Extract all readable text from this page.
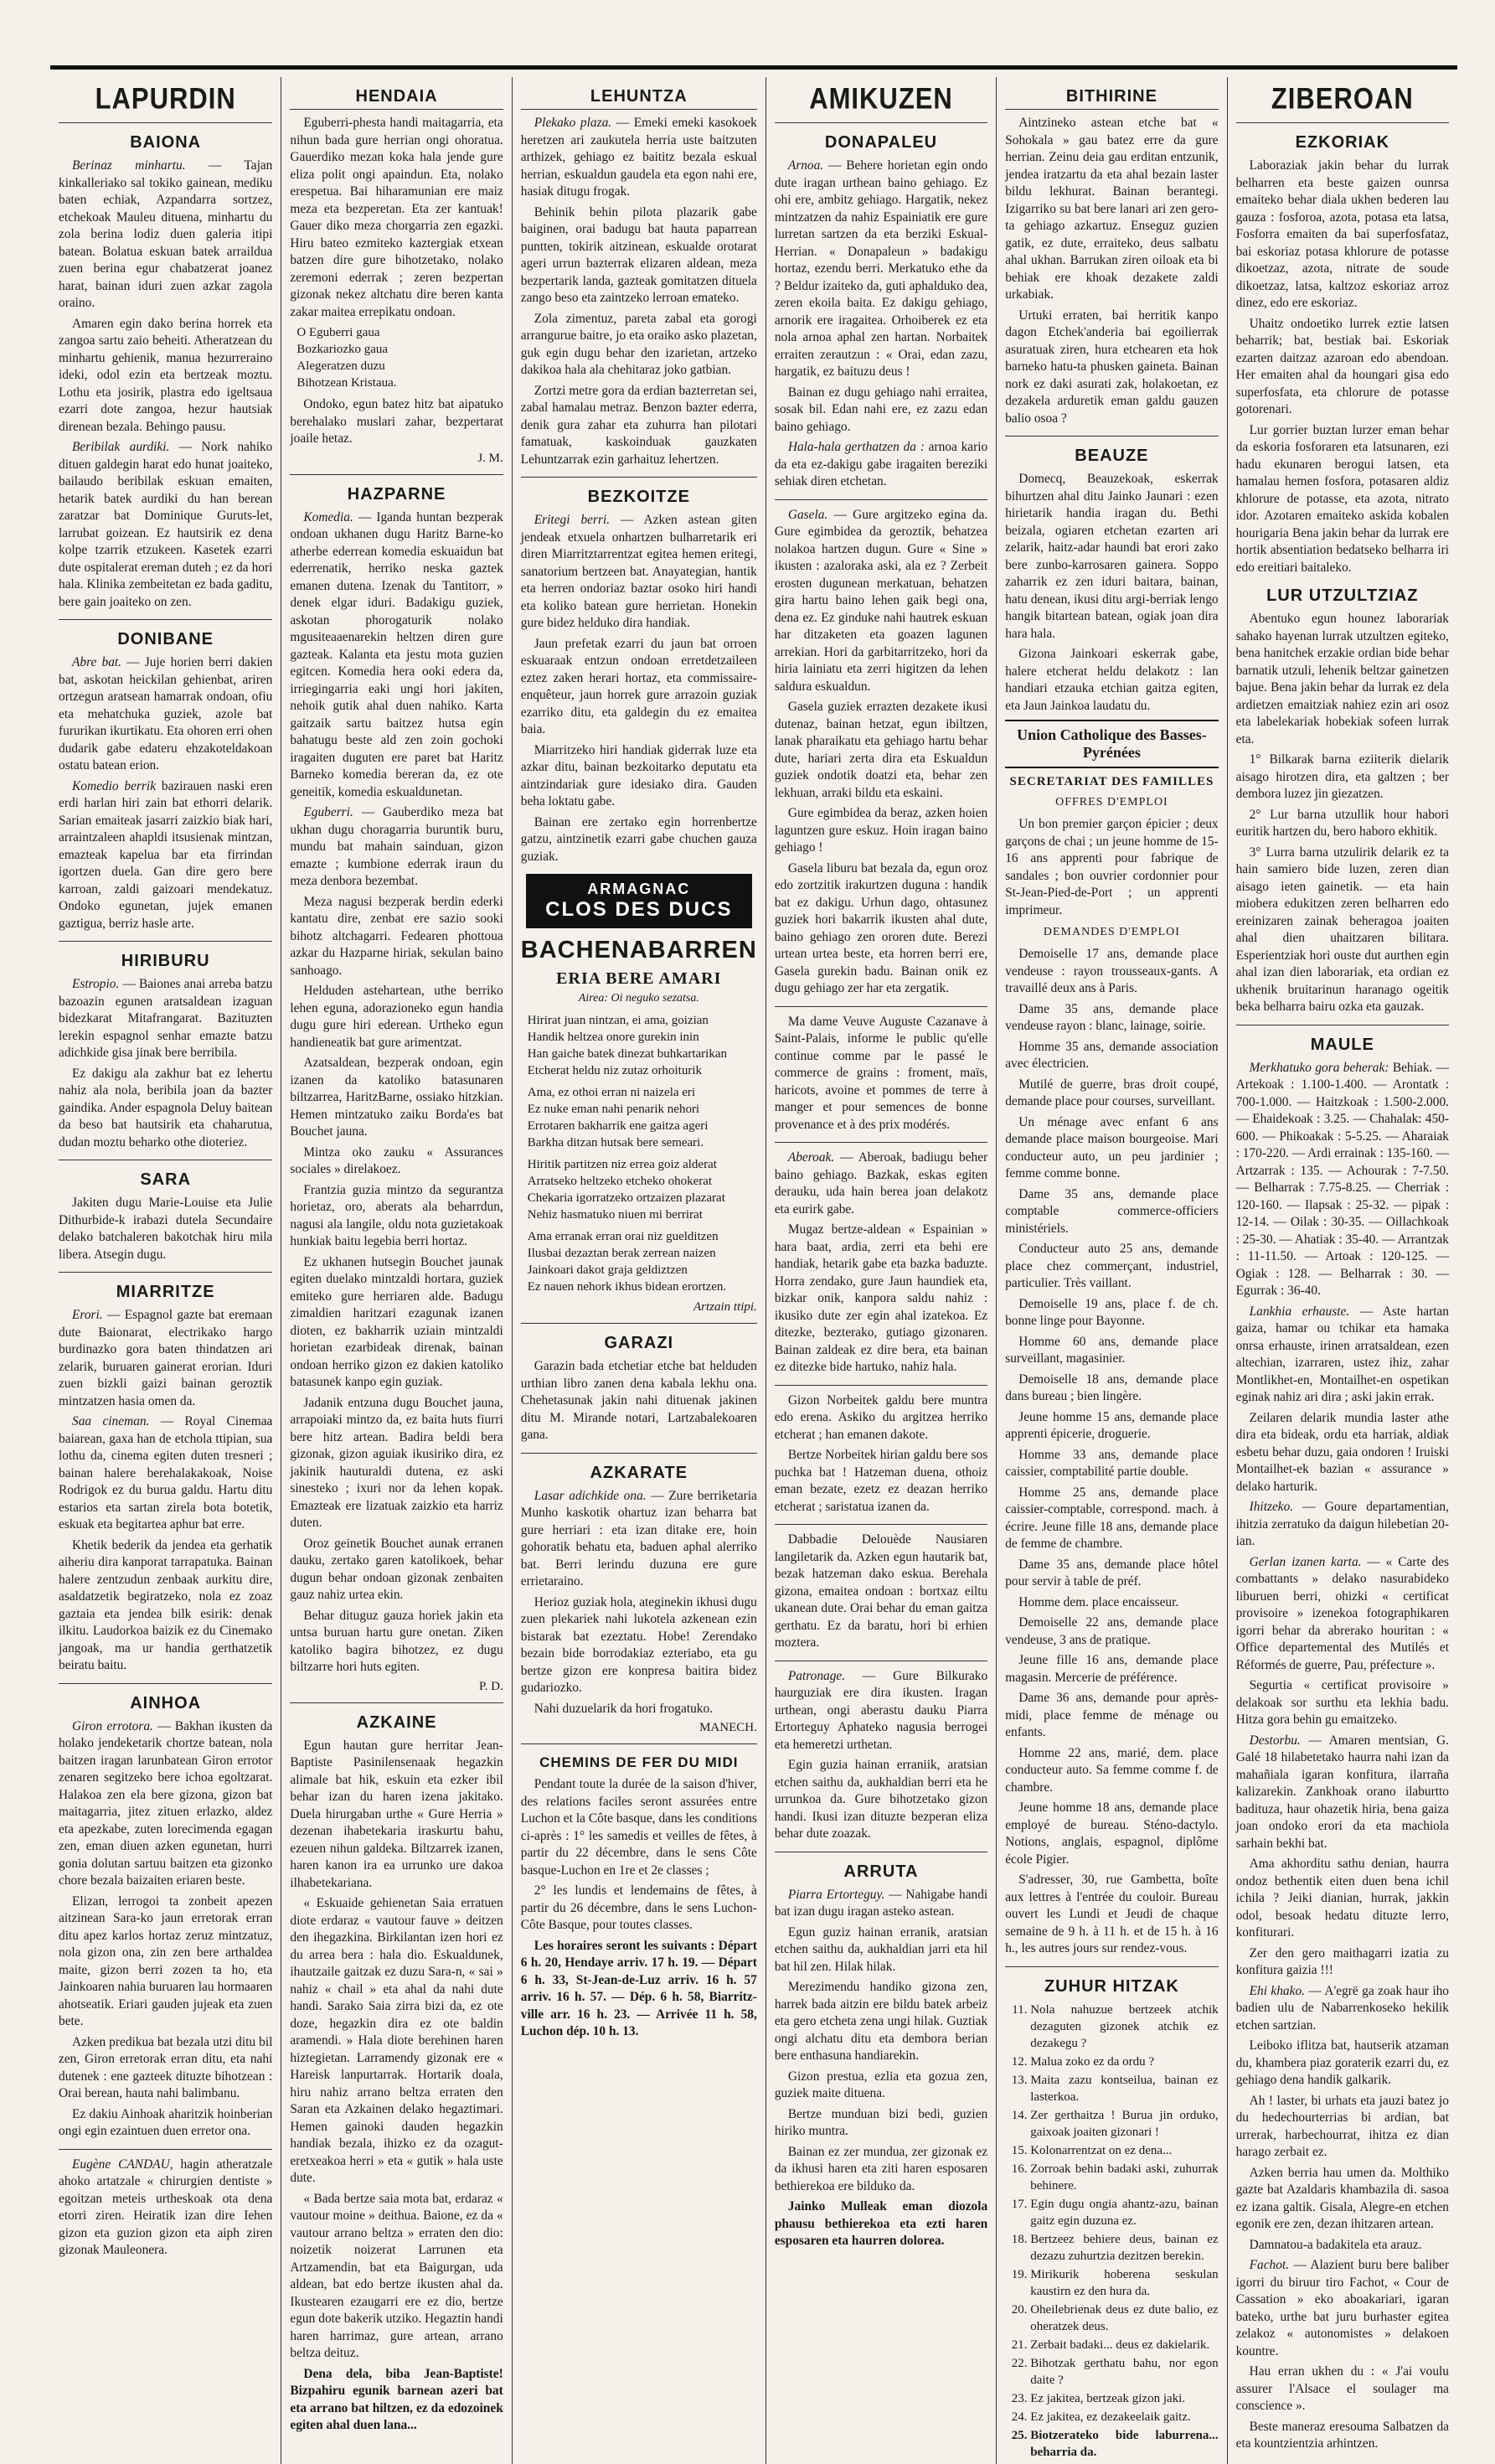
LAPURDIN
BAIONA

Berinaz minhartu. — Tajan kinkalleriako sal tokiko gainean, mediku baten echiak, Azpandarra sortzez, etchekoak Mauleu dituena, minhartu du zola berina lodiz duen galeria itipi batean. Bolatua eskuan batek arraildua zuen berina egur chabatzerat joanez harat, bainan iduri zuen azkar zagola oraino.

Amaren egin dako berina horrek eta zangoa sartu zaio beheiti. Atheratzean du minhartu gehienik, manua hezurreraino ideki, odol ezin eta bertzeak moztu. Lothu eta josirik, plastra edo igeltsaua ezarri dote zangoa, hezur hautsiak direnean bezala. Behingo pausu.

Beribilak aurdiki. — Nork nahiko dituen galdegin harat edo hunat joaiteko, bailaudo beribilak eskuan emaiten, hetarik batek aurdiki du han berean zaratzar bat Dominique Guruts-let, larrubat goizean. Ez hautsirik ez dena kolpe tzarrik etzukeen. Kasetek ezarri dute ospitalerat ereman duteh ; ez da hori hala. Klinika zembeitetan ez bada gaditu, bere gain joaiteko on zen.

DONIBANE

Abre bat. — Juje horien berri dakien bat, askotan heickilan gehienbat, ariren ortzegun aratsean hamarrak ondoan, ofiu eta mehatchuka guziek, azole bat fururikan ikurtikatu. Eta ohoren erri ohen dudarik gabe edateru ehzakoteldakoan ostatu batean erion.

Komedio berrik bazirauen naski eren erdi harlan hiri zain bat ethorri delarik. Sarian emaiteak jasarri zaizkio biak hari, arraintzaleen ahapldi itsusienak mintzan, emazteak kapelua bar eta firrindan igortzen duela. Gan dire gero bere karroan, zaldi gaizoari mendekatuz. Ondoko egunetan, jujek emanen gaztigua, berriz hasle arte.

HIRIBURU

Estropio. — Baiones anai arreba batzu bazoazin egunen aratsaldean izaguan bidezkarat Mitafrangarat. Bazituzten lerekin espagnol senhar emazte batzu adichkide gisa jinak bere berribila.

Ez dakigu ala zakhur bat ez lehertu nahiz ala nola, beribila joan da bazter gaindika. Ander espagnola Deluy baitean da beso bat hautsirik eta chaharutua, dudan moztu beharko othe dioteriez.

SARA

Jakiten dugu Marie-Louise eta Julie Dithurbide-k irabazi dutela Secundaire delako batchaleren bakotchak hiru mila libera. Atsegin dugu.

MIARRITZE

Erori. — Espagnol gazte bat eremaan dute Baionarat, electrikako hargo burdinazko gora baten thindatzen ari zelarik, buruaren gainerat erorian. Iduri zuen bizkli gaizi bainan geroztik mintzatzen hasia omen da.

Saa cineman. — Royal Cinemaa baiarean, gaxa han de etchola ttipian, sua lothu da, cinema egiten duten tresneri ; bainan halere berehalakakoak, Noise Rodrigok ez du burua galdu. Hartu ditu estarios eta sartan zirela bota botetik, eskuak eta begitartea aphur bat erre.

Khetik bederik da jendea eta gerhatik aiheriu dira kanporat tarrapatuka. Bainan halere zentzudun zenbaak aurkitu dire, asaldatzetik begiratzeko, nola ez zoaz gaztaia eta jendea bilk esirik: denak ilkitu. Laudorkoa baizik ez du Cinemako jangoak, ma ur handia gerthatzetik beiratu baitu.

AINHOA

Giron errotora. — Bakhan ikusten da holako jendeketarik chortze batean, nola baitzen iragan larunbatean Giron errotor zenaren segitzeko bere ichoa egoltzarat. Halakoa zen ela bere gizona, gizon bat maitagarria, jitez zituen erlazko, aldez eta apezkabe, zuten lorecimenda egagan zen, eman diuen azken egunetan, hurri gonia dolutan sartuu baitzen eta gizonko chore bezala baizaiten eriaren beste.

Elizan, lerrogoi ta zonbeit apezen aitzinean Sara-ko jaun erretorak erran ditu apez karlos hortaz zeruz mintzatuz, nola gizon ona, zin zen bere arthaldea maite, gizon berri zozen ta ho, eta Jainkoaren nahia buruaren lau hormaaren ahotseatik. Eriari gauden jujeak eta zuen bete.

Azken predikua bat bezala utzi ditu bil zen, Giron erretorak erran ditu, eta nahi dutenek : ene gazteek dituzte bihotzean : Orai berean, hauta nahi balimbanu.

Ez dakiu Ainhoak aharitzik hoinberian ongi egin ezaintuen duen erretor ona.

Eugène CANDAU, hagin atheratzale ahoko artatzale « chirurgien dentiste » egoitzan meteis urtheskoak ota dena etorri ziren. Heiratik izan dire Iehen gizon eta guzion gizon eta aiph ziren gizonak Mauleonera.

HENDAIA

Eguberri-phesta handi maitagarria, eta nihun bada gure herrian ongi ohoratua. Gauerdiko mezan koka hala jende gure eliza polit ongi apaindun. Eta, nolako erespetua. Bai hiharamunian ere maiz meza eta bezperetan. Eta zer kantuak! Gauer diko meza chorgarria zen egazki. Hiru bateo ezmiteko kaztergiak etxean batzen dire gure bihotzetako, nolako zeremoni ederrak ; zeren bezpertan gizonak nekez altchatu dire beren kanta zakar maitea errepikatu ondoan.

O Eguberri gaua
Bozkariozko gaua
Alegeratzen duzu
Bihotzean Kristaua.

Ondoko, egun batez hitz bat aipatuko berehalako muslari zahar, bezpertarat joaile hetaz.

J. M.
HAZPARNE

Komedia. — Iganda huntan bezperak ondoan ukhanen dugu Haritz Barne-ko atherbe ederrean komedia eskuaidun bat ederrenatik, herriko neska gaztek emanen dutena. Izenak du Tantitorr, » denek elgar iduri. Badakigu guziek, askotan phorogaturik nolako mgusiteaaenarekin heltzen diren gure gazteak. Kalanta eta jestu mota guzien egitcen. Komedia hera ooki edera da, irriegingarria eaki ungi hori jakiten, nehoik gutik ahal duen nahiko. Karta gaitzaik sartu baitzez hutsa egin bahatugu beste ald zen zoin gochoki iragaiten duguten ere paret bat Haritz Barneko komedia bereran da, ez ote geneitik, komedia eskualdunetan.

Eguberri. — Gauberdiko meza bat ukhan dugu choragarria buruntik buru, mundu bat mahain sainduan, gizon emazte ; kumbione ederrak iraun du meza denbora bezembat.

Meza nagusi bezperak berdin ederki kantatu dire, zenbat ere sazio sooki bihotz altchagarri. Fedearen phottoua azkar du Hazparne hiriak, sekulan baino sanhoago.

Helduden astehartean, uthe berriko lehen eguna, adorazioneko egun handia dugu gure hiri ederean. Urtheko egun handieneatik bat gure arimentzat.

Azatsaldean, bezperak ondoan, egin izanen da katoliko batasunaren biltzarrea, HaritzBarne, ossiako hitzkian. Hemen mintzatuko zaiku Borda'es bat Bouchet jauna.

Mintza oko zauku « Assurances sociales » direlakoez.

Frantzia guzia mintzo da segurantza horietaz, oro, aberats ala beharrdun, nagusi ala langile, oldu nota guzietakoak hunkiak baitu legebia berri hortaz.

Ez ukhanen hutsegin Bouchet jaunak egiten duelako mintzaldi hortara, guziek emiteko gure herriaren alde. Badugu zimaldien haritzari ezagunak izanen dioten, ez bakharrik uziain mintzaldi horietan ezarbideak direnak, bainan ondoan herriko gizon ez dakien katoliko batasunek kanpo egin guziak.

Jadanik entzuna dugu Bouchet jauna, arrapoiaki mintzo da, ez baita huts fiurri bere hitz artean. Badira beldi bera gizonak, gizon aguiak ikusiriko dira, ez jakinik hauturaldi dutena, ez aski sinesteko ; ixuri nor da lehen kopak. Emazteak ere lizatuak zaizkio eta harriz duten.

Oroz geinetik Bouchet aunak erranen dauku, zertako garen katolikoek, behar dugun behar ondoan gizonak zenbaiten gauz nahiz urtea ekin.

Behar dituguz gauza horiek jakin eta untsa buruan hartu gure onetan. Ziken katoliko bagira bihotzez, ez dugu biltzarre hori huts egiten.

P. D.
AZKAINE

Egun hautan gure herritar Jean-Baptiste Pasinilensenaak hegazkin alimale bat hik, eskuin eta ezker ibil behar izan du haren izena jakitako. Duela hirurgaban urthe « Gure Herria » dezenan ihabetekaria iraskurtu bahu, ezeuen nihun galdeka. Biltzarrek izanen, haren kanon ira ea urrunko ure dakoa ilhabetekariana.

« Eskuaide gehienetan Saia erratuen diote erdaraz « vautour fauve » deitzen den ihegazkina. Birkilantan izen hori ez du arrea bera : hala dio. Eskualdunek, ihautzaile gaitzak ez duzu Sara-n, « sai » nahiz « chail » eta ahal da nahi dute handi. Sarako Saia zirra bizi da, ez ote doze, hegazkin dira ez ote baldin aramendi. » Hala diote berehinen haren hiztegietan. Larramendy gizonak ere « Hareisk lanpurtarrak. Hortarik doala, hiru nahiz arrano beltza erraten den Saran eta Azkainen delako hegaztimari. Hemen gainoki dauden hegazkin handiak bezala, ihizko ez da ozagut-eretxeakoa herri » eta « gutik » hala uste dute.

« Bada bertze saia mota bat, erdaraz « vautour moine » deithua. Baione, ez da « vautour arrano beltza » erraten den dio: noizetik noizerat Larrunen eta Artzamendin, bat eta Baigurgan, uda aldean, bat edo bertze ikusten ahal da. Ikustearen ezaugarri ere ez dio, bertze egun dote bakerik utziko. Hegaztin handi haren harrimaz, gure artean, arrano beltza deituz.

Dena dela, biba Jean-Baptiste! Bizpahiru egunik barnean azeri bat eta arrano bat hiltzen, ez da edozoinek egiten ahal duen lana...

LEHUNTZA

Plekako plaza. — Emeki emeki kasokoek heretzen ari zaukutela herria uste baitzuten arthizek, gehiago ez baititz bezala eskual herrian, eskualdun gaudela eta egon nahi ere, hasiak ditugu frogak.

Behinik behin pilota plazarik gabe baiginen, orai badugu bat hauta paparrean puntten, tokirik aitzinean, eskualde orotarat ageri urrun bazterrak elizaren aldean, meza bezpertarik landa, gazteak gomitatzen dituela zango beso eta zaintzeko lerroan emateko.

Zola zimentuz, pareta zabal eta gorogi arrangurue baitre, jo eta oraiko asko plazetan, guk egin dugu behar den izarietan, artzeko dakikoa hala ala chehitaraz joko gatbian.

Zortzi metre gora da erdian bazterretan sei, zabal hamalau metraz. Benzon bazter ederra, denik gura zahar eta zuhurra han pilotari famatuak, kaskoinduak gauzkaten Lehuntzarrak ezin garhaituz lehertzen.

BEZKOITZE

Eritegi berri. — Azken astean giten jendeak etxuela onhartzen bulharretarik eri diren Miarritztarrentzat egitea hemen eritegi, sanatorium bertzeen bat. Anayategian, hantik eta herren ondoriaz baztar osoko hiri handi eta koliko batean gure herrietan. Honekin gure bidez helduko dira handiak.

Jaun prefetak ezarri du jaun bat orroen eskuaraak entzun ondoan erretdetzaileen eztez zaken herari hortaz, eta commissaire-enquêteur, jaun horrek gure arrazoin guziak ezarriko ditu, eta galdegin du ez emaitea baia.

Miarritzeko hiri handiak giderrak luze eta azkar ditu, bainan bezkoitarko deputatu eta aintzindariak gure idesiako dira. Gauden beha loktatu gabe.

Bainan ere zertako egin horrenbertze gatzu, aintzinetik ezarri gabe chuchen gauza guziak.

ARMAGNAC
CLOS DES DUCS
BACHENABARREN
ERIA BERE AMARI
Airea: Oi neguko sezatsa.
Hirirat juan nintzan, ei ama, goizian
Handik heltzea onore gurekin inin
Han gaiche batek dinezat buhkartarikan
Etcherat heldu niz zutaz orhoiturik
Ama, ez othoi erran ni naizela eri
Ez nuke eman nahi penarik nehori
Errotaren bakharrik ene gaitza ageri
Barkha ditzan hutsak bere semeari.
Hiritik partitzen niz errea goiz alderat
Arratseko heltzeko etcheko ohokerat
Chekaria igorratzeko ortzaizen plazarat
Nehiz hasmatuko niuen mi berrirat
Ama erranak erran orai niz guelditzen
Ilusbai dezaztan berak zerrean naizen
Jainkoari dakot graja geldiztzen
Ez nauen nehork ikhus bidean erortzen.
Artzain ttipi.
GARAZI

Garazin bada etchetiar etche bat helduden urthian libro zanen dena kabala lekhu ona. Chehetasunak jakin nahi dituenak jakinen ditu M. Mirande notari, Lartzabalekoaren gana.

AZKARATE

Lasar adichkide ona. — Zure berriketaria Munho kaskotik ohartuz izan beharra bat gure herriari : eta izan ditake ere, hoin gohoratik behatu eta, baduen aphal alerriko bat. Berri lerindu duzuna ere gure errietaraino.

Herioz guziak hola, ateginekin ikhusi dugu zuen plekariek nahi lukotela azkenean ezin bistarak bat ezeztatu. Hobe! Zerendako bezain bide borrodakiaz ezteriabo, eta gu bertze gizon ere konpresa baitira bidez gudariozko.

Nahi duzuelarik da hori frogatuko.

MANECH.
CHEMINS DE FER DU MIDI

Pendant toute la durée de la saison d'hiver, des relations faciles seront assurées entre Luchon et la Côte basque, dans les conditions ci-après : 1° les samedis et veilles de fêtes, à partir du 22 décembre, dans le sens Côte basque-Luchon en 1re et 2e classes ;

2° les lundis et lendemains de fêtes, à partir du 26 décembre, dans le sens Luchon-Côte Basque, pour toutes classes.

Les horaires seront les suivants : Départ 6 h. 20, Hendaye arriv. 17 h. 19. — Départ 6 h. 33, St-Jean-de-Luz arriv. 16 h. 57 arriv. 16 h. 57. — Dép. 6 h. 58, Biarritz-ville arr. 16 h. 23. — Arrivée 11 h. 58, Luchon dép. 10 h. 13.

AMIKUZEN
DONAPALEU

Arnoa. — Behere horietan egin ondo dute iragan urthean baino gehiago. Ez ohi ere, ambitz gehiago. Hargatik, nekez mintzatzen da nahiz Espainiatik ere gure lurretan sartzen da eta berziki Eskual-Herrian. « Donapaleun » badakigu hortaz, ezendu berri. Merkatuko ethe da ? Beldur izaiteko da, guti aphalduko dea, zeren ekoila baita. Ez dakigu gehiago, arnorik ere iragaitea. Orhoiberek ez eta nola arnoa aphal zen hartan. Norbaitek erraiten zerautzun : « Orai, edan zazu, hargatik, ez baituzu deus !

Bainan ez dugu gehiago nahi erraitea, sosak bil. Edan nahi ere, ez zazu edan baino gehiago.

Hala-hala gerthatzen da : arnoa kario da eta ez-dakigu gabe iragaiten bereziki sehiak diren etchetan.

Gasela. — Gure argitzeko egina da. Gure egimbidea da geroztik, behatzea nolakoa hartzen dugun. Gure « Sine » ikusten : azaloraka aski, ala ez ? Zerbeit erosten dugunean merkatuan, behatzen gira hartu baino lehen gaik begi ona, dena ez. Ez ginduke nahi hautrek eskuan har ditzaketen eta goazen lagunen arrekian. Hori da garbitarritzeko, hori da hiria lainiatu eta zerri higitzen da lehen saldura eskualdun.

Gasela guziek errazten dezakete ikusi dutenaz, bainan hetzat, egun ibiltzen, lanak pharaikatu eta gehiago hartu behar dute, hariari zerta dira eta Eskualdun guziek ondotik doatzi eta, behar zen lekhuan, arraki bildu eta eskaini.

Gure egimbidea da beraz, azken hoien laguntzen gure eskuz. Hoin iragan baino gehiago !

Gasela liburu bat bezala da, egun oroz edo zortzitik irakurtzen duguna : handik bat ez dakigu. Urhun dago, ohtasunez guziek hori bakarrik ikusten ahal dute, baino gehiago zen ororen dute. Berezi urtean urtea beste, eta horren berri ere, Gasela gurekin badu. Bainan onik ez dugu gehiago zer har eta zergatik.

Ma dame Veuve Auguste Cazanave à Saint-Palais, informe le public qu'elle continue comme par le passé le commerce de grains : froment, maïs, haricots, avoine et pommes de terre à manger et pour semences de bonne provenance et à des prix modérés.

Aberoak. — Aberoak, badiugu beher baino gehiago. Bazkak, eskas egiten derauku, uda hain berea joan delakotz eta eurirk gabe.

Mugaz bertze-aldean « Espainian » hara baat, ardia, zerri eta behi ere handiak, hetarik gabe eta bazka baduzte. Horra zendako, gure Jaun haundiek eta, bizkar onik, kanpora saldu nahiz : ikusiko dute zer egin ahal izatekoa. Ez ditezke, bezterako, gutiago gizonaren. Bainan zaldeak ez dire bera, eta bainan ez ditezke bide hartuko, nahiz hala.

Gizon Norbeitek galdu bere muntra edo erena. Askiko du argitzea herriko etcherat ; han emanen dakote.

Bertze Norbeitek hirian galdu bere sos puchka bat ! Hatzeman duena, othoiz eman bezate, ezetz ez deazan herriko etcherat ; saristatua izanen da.

Dabbadie Delouède Nausiaren langiletarik da. Azken egun hautarik bat, bezak hatzeman dako eskua. Berehala gizona, emaitea ondoan : bortxaz eiltu ukanean dute. Orai behar du eman gaitza gerthatu. Ez da baratu, hori bi erhien moztera.

Patronage. — Gure Bilkurako haurguziak ere dira ikusten. Iragan urthean, ongi aberastu dauku Piarra Ertorteguy Aphateko nagusia berrogei eta hemeretzi urthetan.

Egin guzia hainan erraniik, aratsian etchen saithu da, aukhaldian berri eta he urrunkoa da. Gure bihotzetako gizon handi. Ikusi izan dituzte bezperan eliza behar dute zoazak.

ARRUTA

Piarra Ertorteguy. — Nahigabe handi bat izan dugu iragan asteko astean.

Egun guziz hainan erranik, aratsian etchen saithu da, aukhaldian jarri eta hil bat hil zen. Hilak hilak.

Merezimendu handiko gizona zen, harrek bada aitzin ere bildu batek arbeiz eta gero etcheta zena ungi hilak. Guztiak ongi alchatu ditu eta dembora berian bere enthasuna handiarekin.

Gizon prestua, ezlia eta gozua zen, guziek maite dituena.

Bertze munduan bizi bedi, guzien hiriko muntra.

Bainan ez zer mundua, zer gizonak ez da ikhusi haren eta ziti haren esposaren bethierekoa ere bilduko da.

Jainko Mulleak eman diozola phausu bethierekoa eta ezti haren esposaren eta haurren dolorea.

BITHIRINE

Aintzineko astean etche bat « Sohokala » gau batez erre da gure herrian. Zeinu deia gau erditan entzunik, jendea iratzartu da eta ahal bezain laster bildu lekhurat. Bainan berantegi. Izigarriko su bat bere lanari ari zen gero-ta gehiago azkartuz. Enseguz guzien gatik, ez dute, erraiteko, deus salbatu ahal ukhan. Barrukan ziren oiloak eta bi behiak ere khoak dezakete zaldi urkabiak.

Urtuki erraten, bai herritik kanpo dagon Etchek'anderia bai egoilierrak asuratuak ziren, hura etchearen eta hok barneko hatu-ta phusken gaineta. Bainan nork ez daki asurati zak, holakoetan, ez dezakela arduretik eman galdu gauzen balio osoa ?

BEAUZE

Domecq, Beauzekoak, eskerrak bihurtzen ahal ditu Jainko Jaunari : ezen hirietarik handia iragan du. Bethi beizala, ogiaren etchetan ezarten ari zelarik, haitz-adar haundi bat erori zako bere zunbo-karrosaren gainera. Soppo zaharrik ez zen iduri baitara, bainan, hatu denean, ikusi ditu argi-berriak lengo hangik bitartean batean, ogiak joan dira hara hala.

Gizona Jainkoari eskerrak gabe, halere etcherat heldu delakotz : lan handiari etzauka etchian gaitza egiten, eta Jaun Jainkoa laudatu du.

Union Catholique des Basses-Pyrénées
SECRETARIAT DES FAMILLES
OFFRES D'EMPLOI

Un bon premier garçon épicier ; deux garçons de chai ; un jeune homme de 15-16 ans apprenti pour fabrique de sandales ; bon ouvrier cordonnier pour St-Jean-Pied-de-Port ; un apprenti imprimeur.

DEMANDES D'EMPLOI

Demoiselle 17 ans, demande place vendeuse : rayon trousseaux-gants. A travaillé deux ans à Paris.

Dame 35 ans, demande place vendeuse rayon : blanc, lainage, soirie.

Homme 35 ans, demande association avec électricien.

Mutilé de guerre, bras droit coupé, demande place pour courses, surveillant.

Un ménage avec enfant 6 ans demande place maison bourgeoise. Mari conducteur auto, un peu jardinier ; femme comme bonne.

Dame 35 ans, demande place comptable commerce-officiers ministériels.

Conducteur auto 25 ans, demande place chez commerçant, industriel, particulier. Très vaillant.

Demoiselle 19 ans, place f. de ch. bonne linge pour Bayonne.

Homme 60 ans, demande place surveillant, magasinier.

Demoiselle 18 ans, demande place dans bureau ; bien lingère.

Jeune homme 15 ans, demande place apprenti épicerie, droguerie.

Homme 33 ans, demande place caissier, comptabilité partie double.

Homme 25 ans, demande place caissier-comptable, correspond. mach. à écrire. Jeune fille 18 ans, demande place de femme de chambre.

Dame 35 ans, demande place hôtel pour servir à table de préf.

Homme dem. place encaisseur.

Demoiselle 22 ans, demande place vendeuse, 3 ans de pratique.

Jeune fille 16 ans, demande place magasin. Mercerie de préférence.

Dame 36 ans, demande pour après-midi, place femme de ménage ou enfants.

Homme 22 ans, marié, dem. place conducteur auto. Sa femme comme f. de chambre.

Jeune homme 18 ans, demande place employé de bureau. Sténo-dactylo. Notions, anglais, espagnol, diplôme école Pigier.

S'adresser, 30, rue Gambetta, boîte aux lettres à l'entrée du couloir. Bureau ouvert les Lundi et Jeudi de chaque semaine de 9 h. à 11 h. et de 15 h. à 16 h., les autres jours sur rendez-vous.

ZUHUR HITZAK
11. Nola nahuzue bertzeek atchik dezaguten gizonek atchik ez dezakegu ?
12. Malua zoko ez da ordu ?
13. Maita zazu kontseilua, bainan ez lasterkoa.
14. Zer gerthaitza ! Burua jin orduko, gaixoak joaiten gizonari !
15. Kolonarrentzat on ez dena...
16. Zorroak behin badaki aski, zuhurrak behinere.
17. Egin dugu ongia ahantz-azu, bainan gaitz egin duzuna ez.
18. Bertzeez behiere deus, bainan ez dezazu zuhurtzia dezitzen berekin.
19. Mirikurik hoberena seskulan kaustirn ez den hura da.
20. Oheilebrienak deus ez dute balio, ez oheratzek deus.
21. Zerbait badaki... deus ez dakielarik.
22. Bihotzak gerthatu bahu, nor egon daite ?
23. Ez jakitea, bertzeak gizon jaki.
24. Ez jakitea, ez dezakeelaik gaitz.
25. Biotzerateko bide laburrena... beharria da.
ZIBEROAN
EZKORIAK

Laboraziak jakin behar du lurrak belharren eta beste gaizen ounrsa emaiteko behar diala ukhen bederen lau gauza : fosforoa, azota, potasa eta latsa, Fosforra emaiten da bai superfosfataz, bai eskoriaz potasa khlorure de potasse dikoetzaz, azota, nitrate de soude dikoetzaz, latsa, kaltzoz eskoriaz arroz dinez, edo ere eskoriaz.

Uhaitz ondoetiko lurrek eztie latsen beharrik; bat, bestiak bai. Eskoriak ezarten daitzaz azaroan edo abendoan. Her emaiten ahal da houngari gisa edo superfosfata, eta chlorure de potasse gotorenari.

Lur gorrier buztan lurzer eman behar da eskoria fosforaren eta latsunaren, ezi hadu ekunaren berogui latsen, eta hamalau hemen fosfora, potasaren aldiz khlorure de potasse, eta azota, nitrato idor. Azotaren emaiteko askida kobalen hourigaria Bena jakin behar da lurrak ere hortik absentiation bedatseko belharra iri edo ereitiari baitaleko.

LUR UTZULTZIAZ

Abentuko egun hounez laborariak sahako hayenan lurrak utzultzen egiteko, bena hanitchek erzakie ordian bide behar barnatik utzuli, lehenik beltzar gainetzen bajue. Bena jakin behar da lurrak ez dela ardietzen emaitziak nahiez ezin ari osoz eta labelekariak hobekiak sofeen lurrak eta.

1° Bilkarak barna eziiterik dielarik aisago hirotzen dira, eta galtzen ; ber dembora luzez jin giezatzen.

2° Lur barna utzullik hour habori euritik hartzen du, bero haboro ekhitik.

3° Lurra barna utzulirik delarik ez ta hain samiero bide luzen, zeren dian aisago ieten gainetik. — eta hain miobera edukitzen zeren belharren edo ereinizaren zainak beheragoa joaiten ahal dien uhaitzaren bilitara. Esperientziak hori ouste dut aurthen egin ahal izan dien laborariak, eta ordian ez ukhenik bruitarinun haranago ogeitik beka belharra bairu ozka eta gauzak.

MAULE

Merkhatuko gora beherak: Behiak. — Artekoak : 1.100-1.400. — Arontatk : 700-1.000. — Haitzkoak : 1.500-2.000. — Ehaidekoak : 3.25. — Chahalak: 450-600. — Phikoakak : 5-5.25. — Aharaiak : 170-220. — Ardi errainak : 135-160. — Artzarrak : 135. — Achourak : 7-7.50. — Belharrak : 7.75-8.25. — Cherriak : 120-160. — Ilapsak : 25-32. — pipak : 12-14. — Oilak : 30-35. — Oillachkoak : 25-30. — Ahatiak : 35-40. — Arrantzak : 11-11.50. — Artoak : 120-125. — Ogiak : 128. — Belharrak : 30. — Egurrak : 36-40.

Lankhia erhauste. — Aste hartan gaiza, hamar ou tchikar eta hamaka onrsa erhauste, irinen arratsaldean, ezen altechian, izarraren, ustez ihiz, zahar Montlikhet-en, Montailhet-en ospetikan eginak nahiz ari dira ; aski jakin errak.

Zeilaren delarik mundia laster athe dira eta bideak, ordu eta harriak, aldiak esbetu behar duzu, gaia ondoren ! Iruiski Montailhet-ek bazian « assurance » delako harturik.

Ihitzeko. — Goure departamentian, ihitzia zerratuko da daigun hilebetian 20-ian.

Gerlan izanen karta. — « Carte des combattants » delako nasurabideko liburuen berri, ohizki « certificat provisoire » izenekoa fotographikaren igorri behar da abrerako houritan : « Office departemental des Mutilés et Réformés de guerre, Pau, préfecture ».

Segurtia « certificat provisoire » delakoak sor surthu eta lekhia badu. Hitza gora behin gu emaitzeko.

Destorbu. — Amaren mentsian, G. Galé 18 hilabetetako haurra nahi izan da mahañiala igaran konfitura, ilarraña kalizarekin. Zankhoak orano ilaburtto badituza, haur ohazetik hiria, bena gaiza joan ondoko erori da eta machiola sarhain bekhi bat.

Ama akhorditu sathu denian, haurra ondoz bethentik eiten duen bena ichil ichila ? Jeiki dianian, hurrak, jakkin odol, besoak hedatu dituzte lerro, konfiturari.

Zer den gero maithagarri izatia zu konfitura gaizia !!!

Ehi khako. — A'egrë ga zoak haur iho badien ulu de Nabarrenkoseko hekilik etchen sartzian.

Leiboko iflitza bat, hautserik atzaman du, khambera piaz goraterik ezarri du, ez gehiago dena handik galkarik.

Ah ! laster, bi urhats eta jauzi batez jo du hedechourterrias bi ardian, bat urrerak, harbechourrat, ihitza ez dian harago zerbait ez.

Azken berria hau umen da. Molthiko gazte bat Azaldaris khambazila di. sasoa ez izana galtik. Gisala, Alegre-en etchen egonik ere zen, dezan ihitzaren artean.

Damnatou-a badakitela eta arauz.

Fachot. — Alazient buru bere baliber igorri du biruur tiro Fachot, « Cour de Cassation » eko aboakariari, igaran bateko, urthe bat juru burhaster egitea zelakoz « autonomistes » delakoen kountre.

Hau erran ukhen du : « J'ai voulu assurer l'Alsace el soulager ma conscience ».

Beste maneraz eresouma Salbatzen da eta kountzientzia arhintzen.
